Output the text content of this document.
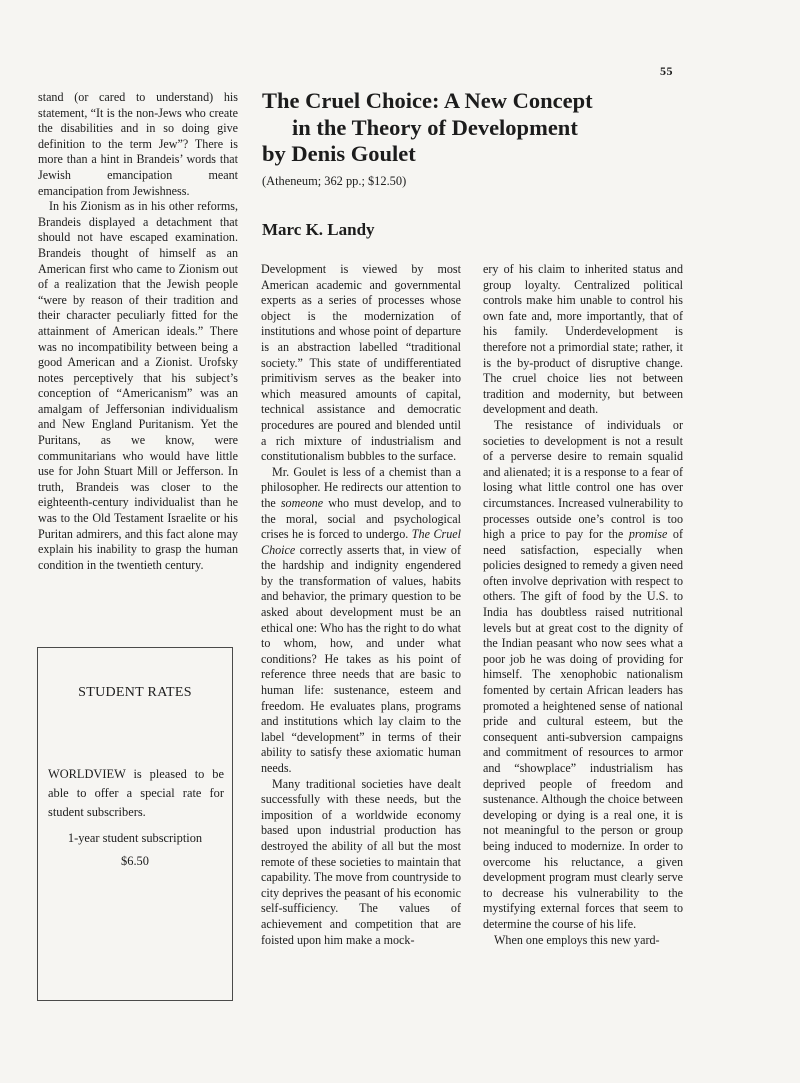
55

stand (or cared to understand) his statement, “It is the non-Jews who create the disabilities and in so doing give definition to the term Jew”? There is more than a hint in Brandeis’ words that Jewish emancipation meant emancipation from Jewishness.

In his Zionism as in his other reforms, Brandeis displayed a detachment that should not have escaped examination. Brandeis thought of himself as an American first who came to Zionism out of a realization that the Jewish people “were by reason of their tradition and their character peculiarly fitted for the attainment of American ideals.” There was no incompatibility between being a good American and a Zionist. Urofsky notes perceptively that his subject’s conception of “Americanism” was an amalgam of Jeffersonian individualism and New England Puritanism. Yet the Puritans, as we know, were communitarians who would have little use for John Stuart Mill or Jefferson. In truth, Brandeis was closer to the eighteenth-century individualist than he was to the Old Testament Israelite or his Puritan admirers, and this fact alone may explain his inability to grasp the human condition in the twentieth century.

The Cruel Choice: A New Concept
in the Theory of Development
by Denis Goulet
(Atheneum; 362 pp.; $12.50)
Marc K. Landy

Development is viewed by most American academic and governmental experts as a series of processes whose object is the modernization of institutions and whose point of departure is an abstraction labelled “traditional society.” This state of undifferentiated primitivism serves as the beaker into which measured amounts of capital, technical assistance and democratic procedures are poured and blended until a rich mixture of industrialism and constitutionalism bubbles to the surface.

Mr. Goulet is less of a chemist than a philosopher. He redirects our attention to the someone who must develop, and to the moral, social and psychological crises he is forced to undergo. The Cruel Choice correctly asserts that, in view of the hardship and indignity engendered by the transformation of values, habits and behavior, the primary question to be asked about development must be an ethical one: Who has the right to do what to whom, how, and under what conditions? He takes as his point of reference three needs that are basic to human life: sustenance, esteem and freedom. He evaluates plans, programs and institutions which lay claim to the label “development” in terms of their ability to satisfy these axiomatic human needs.

Many traditional societies have dealt successfully with these needs, but the imposition of a worldwide economy based upon industrial production has destroyed the ability of all but the most remote of these societies to maintain that capability. The move from countryside to city deprives the peasant of his economic self-sufficiency. The values of achievement and competition that are foisted upon him make a mock-

ery of his claim to inherited status and group loyalty. Centralized political controls make him unable to control his own fate and, more importantly, that of his family. Underdevelopment is therefore not a primordial state; rather, it is the by-product of disruptive change. The cruel choice lies not between tradition and modernity, but between development and death.

The resistance of individuals or societies to development is not a result of a perverse desire to remain squalid and alienated; it is a response to a fear of losing what little control one has over circumstances. Increased vulnerability to processes outside one’s control is too high a price to pay for the promise of need satisfaction, especially when policies designed to remedy a given need often involve deprivation with respect to others. The gift of food by the U.S. to India has doubtless raised nutritional levels but at great cost to the dignity of the Indian peasant who now sees what a poor job he was doing of providing for himself. The xenophobic nationalism fomented by certain African leaders has promoted a heightened sense of national pride and cultural esteem, but the consequent anti-subversion campaigns and commitment of resources to armor and “showplace” industrialism has deprived people of freedom and sustenance. Although the choice between developing or dying is a real one, it is not meaningful to the person or group being induced to modernize. In order to overcome his reluctance, a given development program must clearly serve to decrease his vulnerability to the mystifying external forces that seem to determine the course of his life.

When one employs this new yard-

STUDENT RATES
WORLDVIEW is pleased to be able to offer a special rate for student subscribers.
1-year student subscription
$6.50
